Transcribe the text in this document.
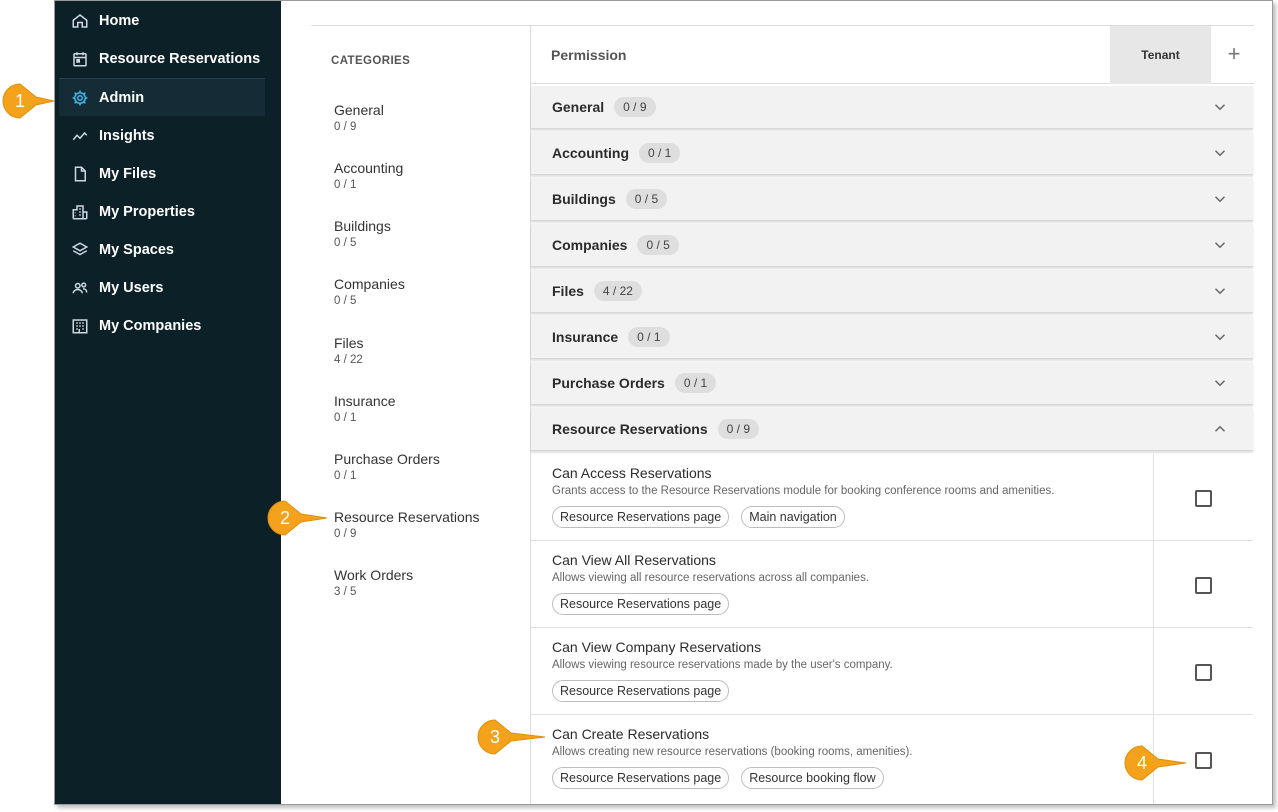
Home
Resource Reservations
Admin
Insights
My Files
My Properties
My Spaces
My Users
My Companies
CATEGORIES
General
0 / 9
Accounting
0 / 1
Buildings
0 / 5
Companies
0 / 5
Files
4 / 22
Insurance
0 / 1
Purchase Orders
0 / 1
Resource Reservations
0 / 9
Work Orders
3 / 5
Permission	Tenant	+
General	0 / 9
Accounting	0 / 1
Buildings	0 / 5
Companies	0 / 5
Files	4 / 22
Insurance	0 / 1
Purchase Orders	0 / 1
Resource Reservations	0 / 9
Can Access Reservations
Grants access to the Resource Reservations module for booking conference rooms and amenities.
Resource Reservations page	Main navigation
Can View All Reservations
Allows viewing all resource reservations across all companies.
Resource Reservations page
Can View Company Reservations
Allows viewing resource reservations made by the user's company.
Resource Reservations page
Can Create Reservations
Allows creating new resource reservations (booking rooms, amenities).
Resource Reservations page	Resource booking flow
1
2
3
4
